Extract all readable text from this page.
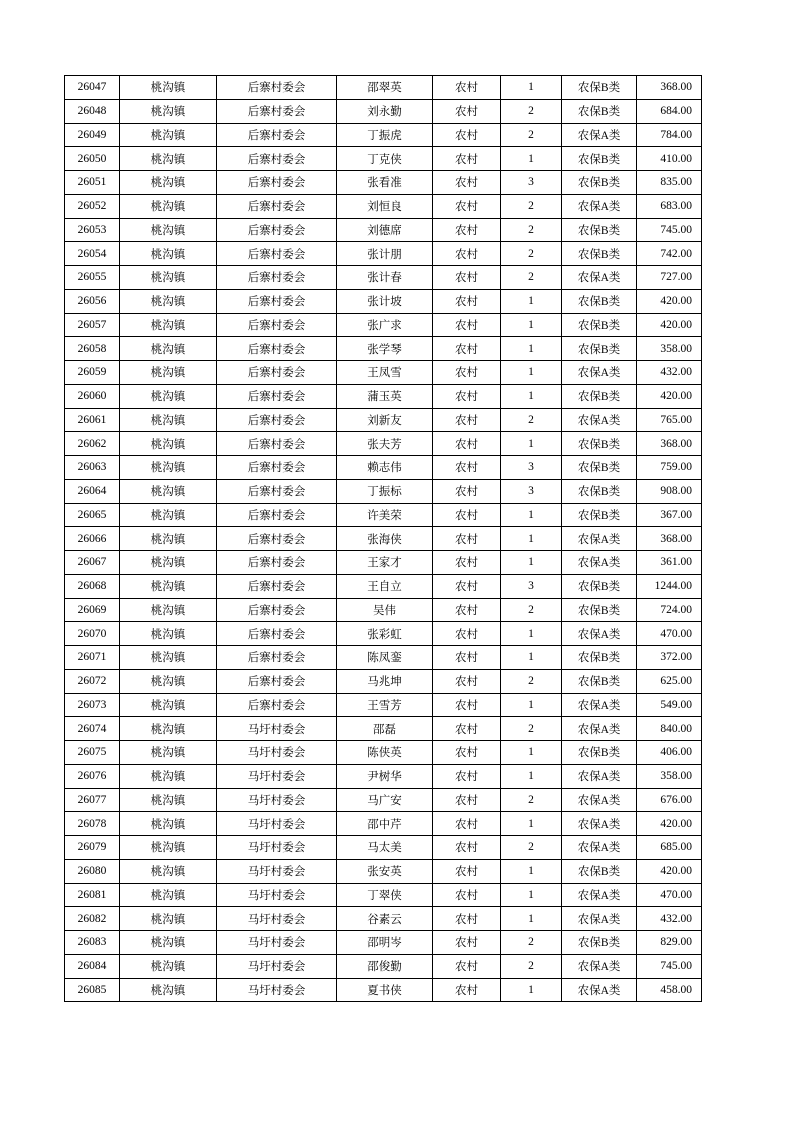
26047	桃沟镇	后寨村委会	邵翠英	农村	1	农保B类	368.00
26048	桃沟镇	后寨村委会	刘永勤	农村	2	农保B类	684.00
26049	桃沟镇	后寨村委会	丁振虎	农村	2	农保A类	784.00
26050	桃沟镇	后寨村委会	丁克侠	农村	1	农保B类	410.00
26051	桃沟镇	后寨村委会	张看准	农村	3	农保B类	835.00
26052	桃沟镇	后寨村委会	刘恒良	农村	2	农保A类	683.00
26053	桃沟镇	后寨村委会	刘德席	农村	2	农保B类	745.00
26054	桃沟镇	后寨村委会	张计朋	农村	2	农保B类	742.00
26055	桃沟镇	后寨村委会	张计春	农村	2	农保A类	727.00
26056	桃沟镇	后寨村委会	张计坡	农村	1	农保B类	420.00
26057	桃沟镇	后寨村委会	张广求	农村	1	农保B类	420.00
26058	桃沟镇	后寨村委会	张学琴	农村	1	农保B类	358.00
26059	桃沟镇	后寨村委会	王凤雪	农村	1	农保A类	432.00
26060	桃沟镇	后寨村委会	蒲玉英	农村	1	农保B类	420.00
26061	桃沟镇	后寨村委会	刘新友	农村	2	农保A类	765.00
26062	桃沟镇	后寨村委会	张夫芳	农村	1	农保B类	368.00
26063	桃沟镇	后寨村委会	赖志伟	农村	3	农保B类	759.00
26064	桃沟镇	后寨村委会	丁振标	农村	3	农保B类	908.00
26065	桃沟镇	后寨村委会	许美荣	农村	1	农保B类	367.00
26066	桃沟镇	后寨村委会	张海侠	农村	1	农保A类	368.00
26067	桃沟镇	后寨村委会	王家才	农村	1	农保A类	361.00
26068	桃沟镇	后寨村委会	王自立	农村	3	农保B类	1244.00
26069	桃沟镇	后寨村委会	吴伟	农村	2	农保B类	724.00
26070	桃沟镇	后寨村委会	张彩虹	农村	1	农保A类	470.00
26071	桃沟镇	后寨村委会	陈凤銮	农村	1	农保B类	372.00
26072	桃沟镇	后寨村委会	马兆坤	农村	2	农保B类	625.00
26073	桃沟镇	后寨村委会	王雪芳	农村	1	农保A类	549.00
26074	桃沟镇	马圩村委会	邵磊	农村	2	农保A类	840.00
26075	桃沟镇	马圩村委会	陈侠英	农村	1	农保B类	406.00
26076	桃沟镇	马圩村委会	尹树华	农村	1	农保A类	358.00
26077	桃沟镇	马圩村委会	马广安	农村	2	农保A类	676.00
26078	桃沟镇	马圩村委会	邵中芹	农村	1	农保A类	420.00
26079	桃沟镇	马圩村委会	马太美	农村	2	农保A类	685.00
26080	桃沟镇	马圩村委会	张安英	农村	1	农保B类	420.00
26081	桃沟镇	马圩村委会	丁翠侠	农村	1	农保A类	470.00
26082	桃沟镇	马圩村委会	谷素云	农村	1	农保A类	432.00
26083	桃沟镇	马圩村委会	邵明岑	农村	2	农保B类	829.00
26084	桃沟镇	马圩村委会	邵俊勤	农村	2	农保A类	745.00
26085	桃沟镇	马圩村委会	夏书侠	农村	1	农保A类	458.00
